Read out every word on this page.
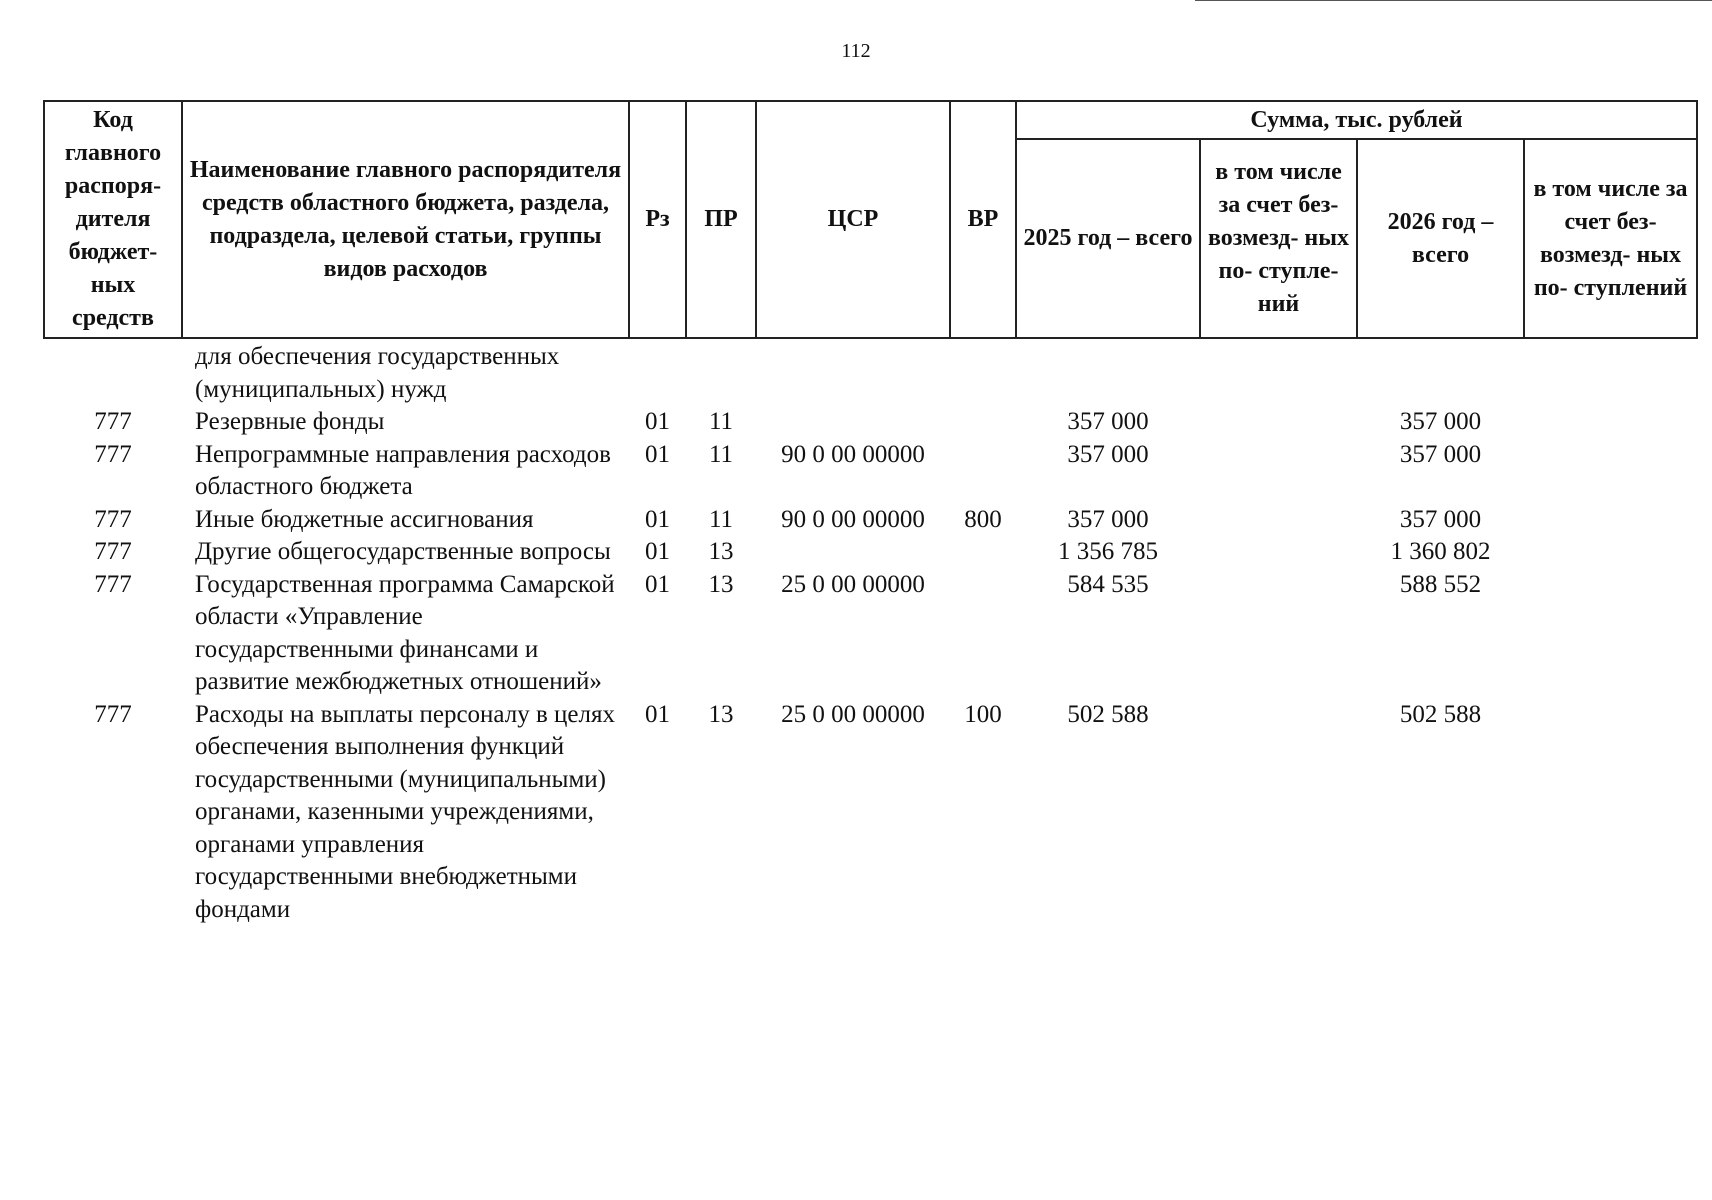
112
Код главного распоря- дителя бюджет- ных средств	Наименование главного распорядителя средств областного бюджета, раздела, подраздела, целевой статьи, группы видов расходов	Рз	ПР	ЦСР	ВР	Сумма, тыс. рублей			
						2025 год – всего	в том числе за счет без- возмезд- ных по- ступле- ний	2026 год – всего	в том числе за счет без- возмезд- ных по- ступлений
	для обеспечения государственных (муниципальных) нужд								
777	Резервные фонды	01	11			357 000		357 000	
777	Непрограммные направления расходов областного бюджета	01	11	90 0 00 00000		357 000		357 000	
777	Иные бюджетные ассигнования	01	11	90 0 00 00000	800	357 000		357 000	
777	Другие общегосударственные вопросы	01	13			1 356 785		1 360 802	
777	Государственная программа Самарской области «Управление государственными финансами и развитие межбюджетных отношений»	01	13	25 0 00 00000		584 535		588 552	
777	Расходы на выплаты персоналу в целях обеспечения выполнения функций государственными (муниципальными) органами, казенными учреждениями, органами управления государственными внебюджетными фондами	01	13	25 0 00 00000	100	502 588		502 588	
